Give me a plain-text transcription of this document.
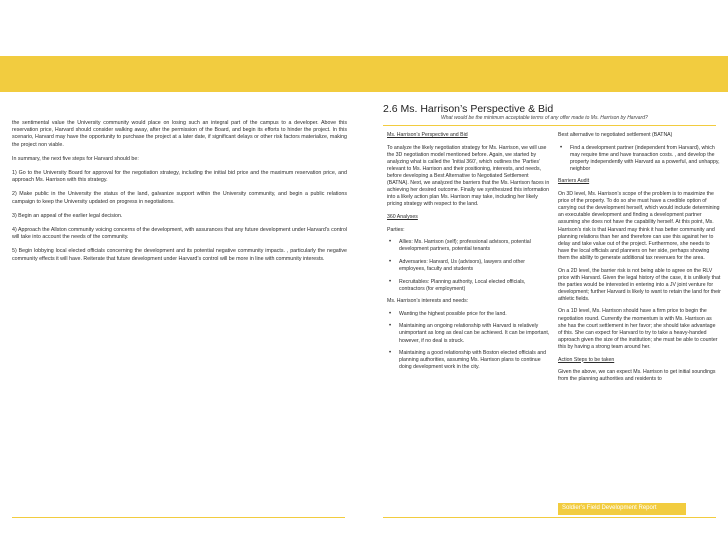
the sentimental value the University community would place on losing such an integral part of the campus to a developer. Above this reservation price, Harvard should consider walking away, after the permission of the Board, and begin its efforts to hinder the project. In this scenario, Harvard may have the opportunity to purchase the project at a later date, if significant delays or other risk factors materialize, making the project non viable.

In summary, the next five steps for Harvard should be:

1) Go to the University Board for approval for the negotiation strategy, including the initial bid price and the maximum reservation price, and approach Ms. Harrison with this strategy.

2) Make public in the University the status of the land, galvanize support within the University community, and begin a public relations campaign to keep the University updated on progress in negotiations.

3) Begin an appeal of the earlier legal decision.

4) Approach the Allston community voicing concerns of the development, with assurances that any future development under Harvard’s control will take into account the needs of the community.

5) Begin lobbying local elected officials concerning the development and its potential negative community impacts. , particularly the negative community effects it will have. Reiterate that future development under Harvard’s control will be more in line with community interests.

2.6 Ms. Harrison’s Perspective & Bid
What would be the minimum acceptable terms of any offer made to Ms. Harrison by Harvard?

Ms. Harrison’s Perspective and Bid

To analyze the likely negotiation strategy for Ms. Harrison, we will use the 3D negotiation model mentioned before. Again, we started by analyzing what is called the ‘Initial 360’, which outlines the ‘Parties’ relevant to Ms. Harrison and their positioning, interests, and needs, before developing a Best Alternative to Negotiated Settlement (BATNA). Next, we analyzed the barriers that the Ms. Harrison faces in achieving her desired outcome. Finally we synthesized this information into a likely action plan Ms. Harrison may take, including her likely pricing strategy with respect to the land.

360 Analyses

Parties:

• Allies: Ms. Harrison (self); professional advisors, potential development partners, potential tenants
• Adversaries: Harvard, Us (advisors), lawyers and other employees, faculty and students
• Recruitables: Planning authority, Local elected officials, contractors (for employment)

Ms. Harrison’s interests and needs:

• Wanting the highest possible price for the land.
• Maintaining an ongoing relationship with Harvard is relatively unimportant as long as deal can be achieved. It can be important, however, if no deal is struck.
• Maintaining a good relationship with Boston elected officials and planning authorities, assuming Ms. Harrison plans to continue doing development work in the city.

Best alternative to negotiated settlement (BATNA)

• Find a development partner (independent from Harvard), which may require time and have transaction costs. , and develop the property independently with Harvard as a powerful, and unhappy, neighbor

Barriers Audit

On 3D level, Ms. Harrison’s scope of the problem is to maximize the price of the property. To do so she must have a credible option of carrying out the development herself, which would include determining an executable development and finding a development partner assuming she does not have the capability herself. At this point, Ms. Harrison’s risk is that Harvard may think it has better community and planning relations than her and therefore can use this against her to delay and take value out of the project. Furthermore, she needs to have the local officials and planners on her side, perhaps showing them the ability to generate additional tax revenues for the area.

On a 2D level, the barrier risk is not being able to agree on the RLV price with Harvard. Given the legal history of the case, it is unlikely that the parties would be interested in entering into a JV joint venture for development; further Harvard is likely to want to retain the land for their athletic fields.

On a 1D level, Ms. Harrison should have a firm price to begin the negotiation round. Currently the momentum is with Ms. Harrison as she has the court settlement in her favor; she should take advantage of this. She can expect for Harvard to try to take a heavy-handed approach given the size of the institution; she must be able to counter this by having a strong team around her.

Action Steps to be taken

Given the above, we can expect Ms. Harrison to get initial soundings from the planning authorities and residents to

Soldier’s Field Development Report
